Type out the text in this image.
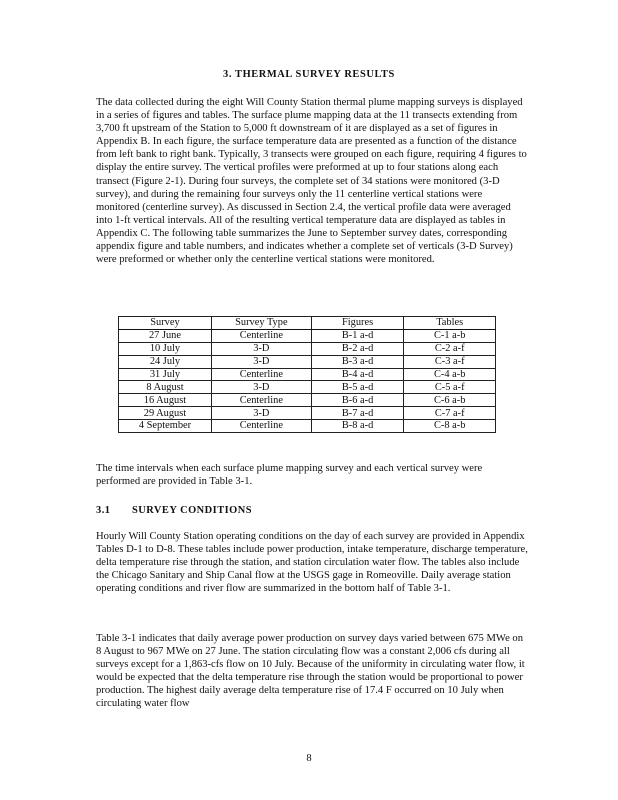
3. THERMAL SURVEY RESULTS

The data collected during the eight Will County Station thermal plume mapping surveys is displayed in a series of figures and tables. The surface plume mapping data at the 11 transects extending from 3,700 ft upstream of the Station to 5,000 ft downstream of it are displayed as a set of figures in Appendix B. In each figure, the surface temperature data are presented as a function of the distance from left bank to right bank. Typically, 3 transects were grouped on each figure, requiring 4 figures to display the entire survey. The vertical profiles were preformed at up to four stations along each transect (Figure 2-1). During four surveys, the complete set of 34 stations were monitored (3-D survey), and during the remaining four surveys only the 11 centerline vertical stations were monitored (centerline survey). As discussed in Section 2.4, the vertical profile data were averaged into 1-ft vertical intervals. All of the resulting vertical temperature data are displayed as tables in Appendix C. The following table summarizes the June to September survey dates, corresponding appendix figure and table numbers, and indicates whether a complete set of verticals (3-D Survey) were preformed or whether only the centerline vertical stations were monitored.

Survey	Survey Type	Figures	Tables
27 June	Centerline	B-1 a-d	C-1 a-b
10 July	3-D	B-2 a-d	C-2 a-f
24 July	3-D	B-3 a-d	C-3 a-f
31 July	Centerline	B-4 a-d	C-4 a-b
8 August	3-D	B-5 a-d	C-5 a-f
16 August	Centerline	B-6 a-d	C-6 a-b
29 August	3-D	B-7 a-d	C-7 a-f
4 September	Centerline	B-8 a-d	C-8 a-b

The time intervals when each surface plume mapping survey and each vertical survey were performed are provided in Table 3-1.

3.1 SURVEY CONDITIONS

Hourly Will County Station operating conditions on the day of each survey are provided in Appendix Tables D-1 to D-8. These tables include power production, intake temperature, discharge temperature, delta temperature rise through the station, and station circulation water flow. The tables also include the Chicago Sanitary and Ship Canal flow at the USGS gage in Romeoville. Daily average station operating conditions and river flow are summarized in the bottom half of Table 3-1.

Table 3-1 indicates that daily average power production on survey days varied between 675 MWe on 8 August to 967 MWe on 27 June. The station circulating flow was a constant 2,006 cfs during all surveys except for a 1,863-cfs flow on 10 July. Because of the uniformity in circulating water flow, it would be expected that the delta temperature rise through the station would be proportional to power production. The highest daily average delta temperature rise of 17.4 F occurred on 10 July when circulating water flow

8
